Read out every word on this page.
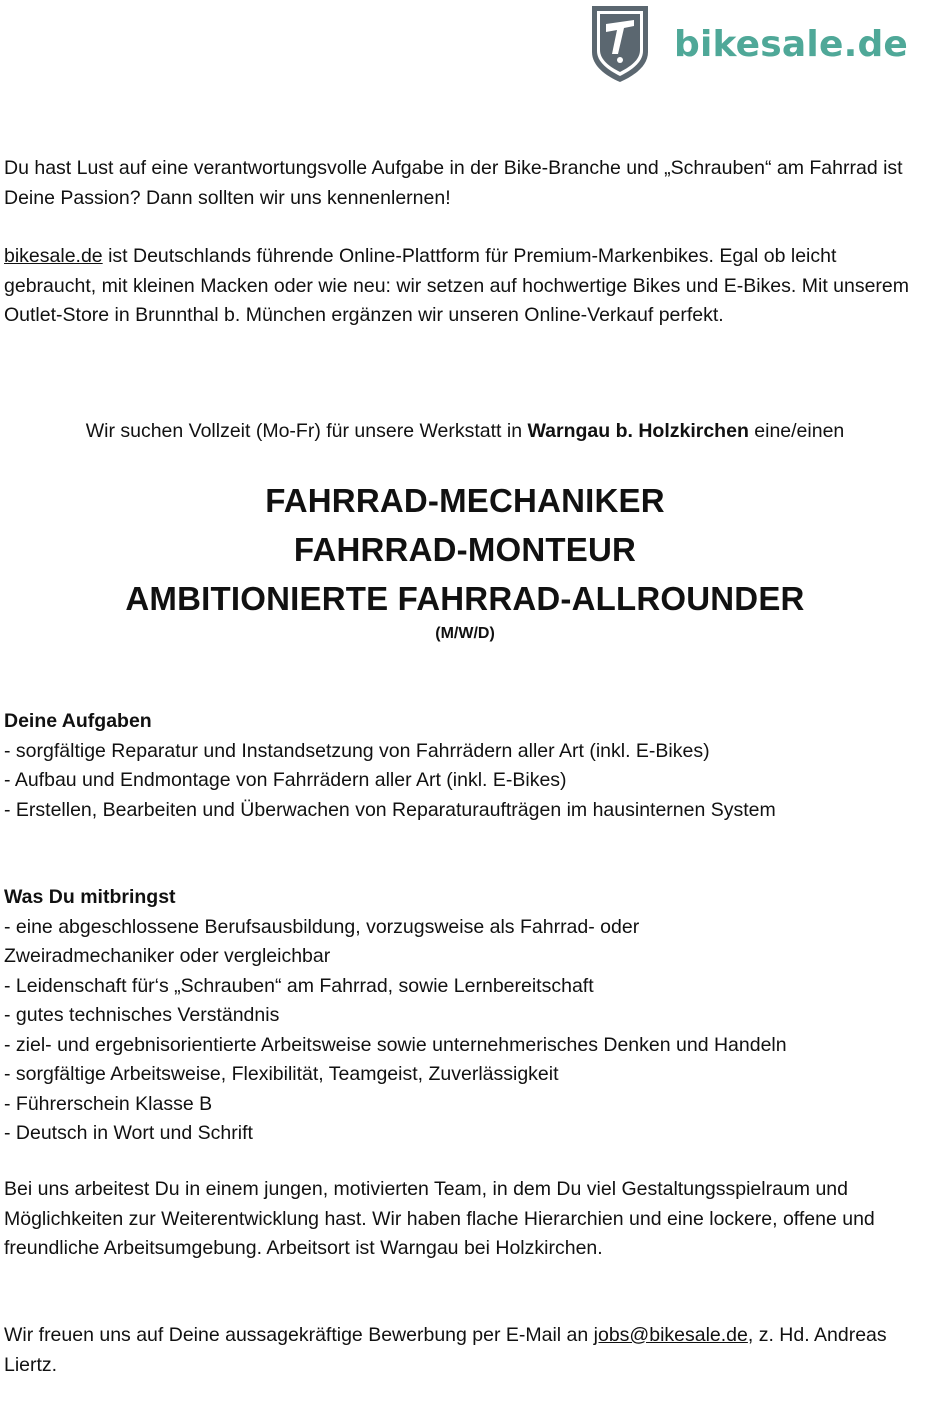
bikesale.de
Du hast Lust auf eine verantwortungsvolle Aufgabe in der Bike-Branche und „Schrauben“ am Fahrrad ist Deine Passion? Dann sollten wir uns kennenlernen!
bikesale.de ist Deutschlands führende Online-Plattform für Premium-Markenbikes. Egal ob leicht gebraucht, mit kleinen Macken oder wie neu: wir setzen auf hochwertige Bikes und E-Bikes. Mit unserem Outlet-Store in Brunnthal b. München ergänzen wir unseren Online-Verkauf perfekt.
Wir suchen Vollzeit (Mo-Fr) für unsere Werkstatt in Warngau b. Holzkirchen eine/einen
FAHRRAD-MECHANIKER
FAHRRAD-MONTEUR
AMBITIONIERTE FAHRRAD-ALLROUNDER
(M/W/D)
Deine Aufgaben
- sorgfältige Reparatur und Instandsetzung von Fahrrädern aller Art (inkl. E-Bikes)
- Aufbau und Endmontage von Fahrrädern aller Art (inkl. E-Bikes)
- Erstellen, Bearbeiten und Überwachen von Reparaturaufträgen im hausinternen System
Was Du mitbringst
- eine abgeschlossene Berufsausbildung, vorzugsweise als Fahrrad- oder
Zweiradmechaniker oder vergleichbar
- Leidenschaft für‘s „Schrauben“ am Fahrrad, sowie Lernbereitschaft
- gutes technisches Verständnis
- ziel- und ergebnisorientierte Arbeitsweise sowie unternehmerisches Denken und Handeln
- sorgfältige Arbeitsweise, Flexibilität, Teamgeist, Zuverlässigkeit
- Führerschein Klasse B
- Deutsch in Wort und Schrift
Bei uns arbeitest Du in einem jungen, motivierten Team, in dem Du viel Gestaltungsspielraum und Möglichkeiten zur Weiterentwicklung hast. Wir haben flache Hierarchien und eine lockere, offene und freundliche Arbeitsumgebung. Arbeitsort ist Warngau bei Holzkirchen.
Wir freuen uns auf Deine aussagekräftige Bewerbung per E-Mail an jobs@bikesale.de, z. Hd. Andreas Liertz.
